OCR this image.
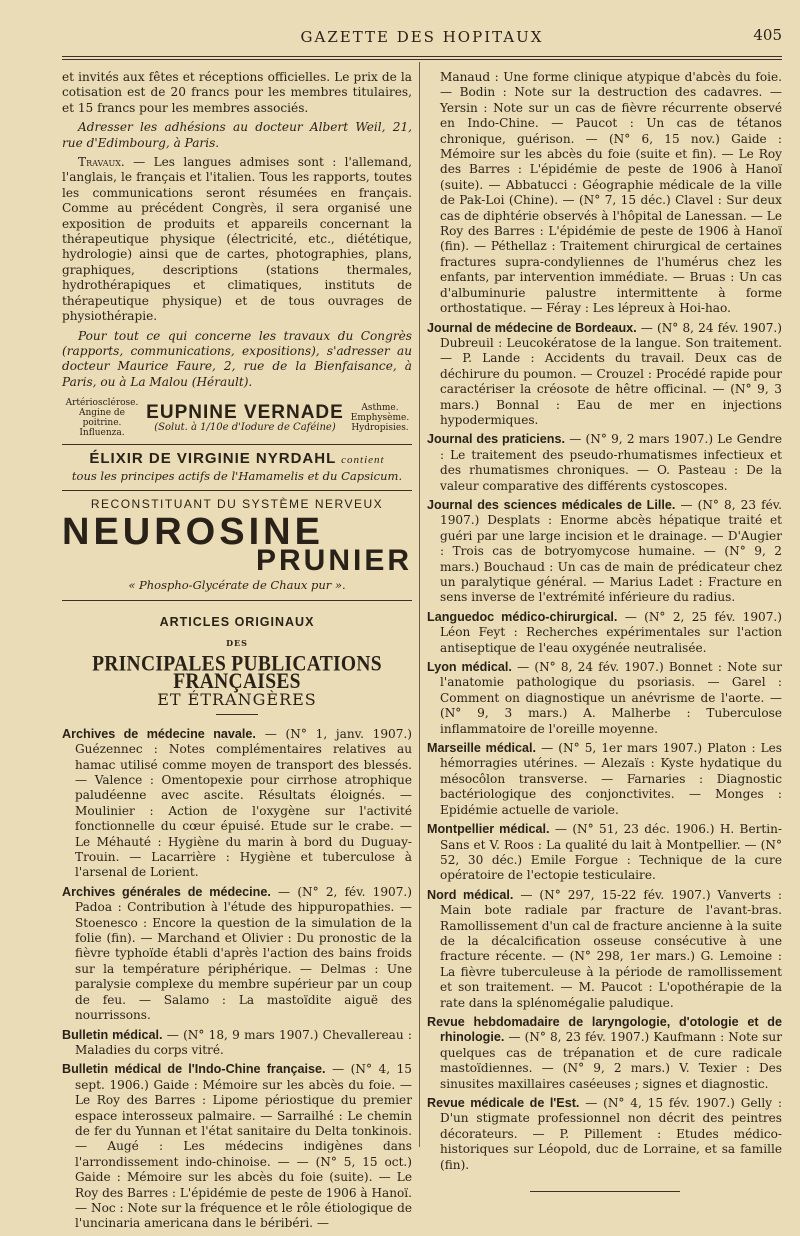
GAZETTE DES HOPITAUX	405

et invités aux fêtes et réceptions officielles. Le prix de la cotisation est de 20 francs pour les membres titulaires, et 15 francs pour les membres associés.

Adresser les adhésions au docteur Albert Weil, 21, rue d'Edimbourg, à Paris.

Travaux. — Les langues admises sont : l'allemand, l'anglais, le français et l'italien. Tous les rapports, toutes les communications seront résumées en français. Comme au précédent Congrès, il sera organisé une exposition de produits et appareils concernant la thérapeutique physique (électricité, etc., diététique, hydrologie) ainsi que de cartes, photographies, plans, graphiques, descriptions (stations thermales, hydrothérapiques et climatiques, instituts de thérapeutique physique) et de tous ouvrages de physiothérapie.

Pour tout ce qui concerne les travaux du Congrès (rapports, communications, expositions), s'adresser au docteur Maurice Faure, 2, rue de la Bienfaisance, à Paris, ou à La Malou (Hérault).

Artériosclérose. Angine de poitrine. Influenza.
EUPNINE VERNADE
(Solut. à 1/10e d'Iodure de Caféine)
Asthme. Emphysème. Hydropisies.
ÉLIXIR DE VIRGINIE NYRDAHL contient
tous les principes actifs de l'Hamamelis et du Capsicum.
RECONSTITUANT DU SYSTÈME NERVEUX
NEUROSINE
PRUNIER
« Phospho-Glycérate de Chaux pur ».
ARTICLES ORIGINAUX
DES
PRINCIPALES PUBLICATIONS FRANÇAISES
ET ÉTRANGÈRES

Archives de médecine navale. — (N° 1, janv. 1907.) Guézennec : Notes complémentaires relatives au hamac utilisé comme moyen de transport des blessés. — Valence : Omentopexie pour cirrhose atrophique paludéenne avec ascite. Résultats éloignés. — Moulinier : Action de l'oxygène sur l'activité fonctionnelle du cœur épuisé. Etude sur le crabe. — Le Méhauté : Hygiène du marin à bord du Duguay-Trouin. — Lacarrière : Hygiène et tuberculose à l'arsenal de Lorient.

Archives générales de médecine. — (N° 2, fév. 1907.) Padoa : Contribution à l'étude des hippuropathies. — Stoenesco : Encore la question de la simulation de la folie (fin). — Marchand et Olivier : Du pronostic de la fièvre typhoïde établi d'après l'action des bains froids sur la température périphérique. — Delmas : Une paralysie complexe du membre supérieur par un coup de feu. — Salamo : La mastoïdite aiguë des nourrissons.

Bulletin médical. — (N° 18, 9 mars 1907.) Chevallereau : Maladies du corps vitré.

Bulletin médical de l'Indo-Chine française. — (N° 4, 15 sept. 1906.) Gaide : Mémoire sur les abcès du foie. — Le Roy des Barres : Lipome périostique du premier espace interosseux palmaire. — Sarrailhé : Le chemin de fer du Yunnan et l'état sanitaire du Delta tonkinois. — Augé : Les médecins indigènes dans l'arrondissement indo-chinoise. — — (N° 5, 15 oct.) Gaide : Mémoire sur les abcès du foie (suite). — Le Roy des Barres : L'épidémie de peste de 1906 à Hanoï. — Noc : Note sur la fréquence et le rôle étiologique de l'uncinaria americana dans le béribéri. —

Manaud : Une forme clinique atypique d'abcès du foie. — Bodin : Note sur la destruction des cadavres. — Yersin : Note sur un cas de fièvre récurrente observé en Indo-Chine. — Paucot : Un cas de tétanos chronique, guérison. — (N° 6, 15 nov.) Gaide : Mémoire sur les abcès du foie (suite et fin). — Le Roy des Barres : L'épidémie de peste de 1906 à Hanoï (suite). — Abbatucci : Géographie médicale de la ville de Pak-Loi (Chine). — (N° 7, 15 déc.) Clavel : Sur deux cas de diphtérie observés à l'hôpital de Lanessan. — Le Roy des Barres : L'épidémie de peste de 1906 à Hanoï (fin). — Péthellaz : Traitement chirurgical de certaines fractures supra-condyliennes de l'humérus chez les enfants, par intervention immédiate. — Bruas : Un cas d'albuminurie palustre intermittente à forme orthostatique. — Féray : Les lépreux à Hoi-hao.

Journal de médecine de Bordeaux. — (N° 8, 24 fév. 1907.) Dubreuil : Leucokératose de la langue. Son traitement. — P. Lande : Accidents du travail. Deux cas de déchirure du poumon. — Crouzel : Procédé rapide pour caractériser la créosote de hêtre officinal. — (N° 9, 3 mars.) Bonnal : Eau de mer en injections hypodermiques.

Journal des praticiens. — (N° 9, 2 mars 1907.) Le Gendre : Le traitement des pseudo-rhumatismes infectieux et des rhumatismes chroniques. — O. Pasteau : De la valeur comparative des différents cystoscopes.

Journal des sciences médicales de Lille. — (N° 8, 23 fév. 1907.) Desplats : Enorme abcès hépatique traité et guéri par une large incision et le drainage. — D'Augier : Trois cas de botryomycose humaine. — (N° 9, 2 mars.) Bouchaud : Un cas de main de prédicateur chez un paralytique général. — Marius Ladet : Fracture en sens inverse de l'extrémité inférieure du radius.

Languedoc médico-chirurgical. — (N° 2, 25 fév. 1907.) Léon Feyt : Recherches expérimentales sur l'action antiseptique de l'eau oxygénée neutralisée.

Lyon médical. — (N° 8, 24 fév. 1907.) Bonnet : Note sur l'anatomie pathologique du psoriasis. — Garel : Comment on diagnostique un anévrisme de l'aorte. — (N° 9, 3 mars.) A. Malherbe : Tuberculose inflammatoire de l'oreille moyenne.

Marseille médical. — (N° 5, 1er mars 1907.) Platon : Les hémorragies utérines. — Alezaïs : Kyste hydatique du mésocôlon transverse. — Farnaries : Diagnostic bactériologique des conjonctivites. — Monges : Epidémie actuelle de variole.

Montpellier médical. — (N° 51, 23 déc. 1906.) H. Bertin-Sans et V. Roos : La qualité du lait à Montpellier. — (N° 52, 30 déc.) Emile Forgue : Technique de la cure opératoire de l'ectopie testiculaire.

Nord médical. — (N° 297, 15-22 fév. 1907.) Vanverts : Main bote radiale par fracture de l'avant-bras. Ramollissement d'un cal de fracture ancienne à la suite de la décalcification osseuse consécutive à une fracture récente. — (N° 298, 1er mars.) G. Lemoine : La fièvre tuberculeuse à la période de ramollissement et son traitement. — M. Paucot : L'opothérapie de la rate dans la splénomégalie paludique.

Revue hebdomadaire de laryngologie, d'otologie et de rhinologie. — (N° 8, 23 fév. 1907.) Kaufmann : Note sur quelques cas de trépanation et de cure radicale mastoïdiennes. — (N° 9, 2 mars.) V. Texier : Des sinusites maxillaires caséeuses ; signes et diagnostic.

Revue médicale de l'Est. — (N° 4, 15 fév. 1907.) Gelly : D'un stigmate professionnel non décrit des peintres décorateurs. — P. Pillement : Etudes médico-historiques sur Léopold, duc de Lorraine, et sa famille (fin).
